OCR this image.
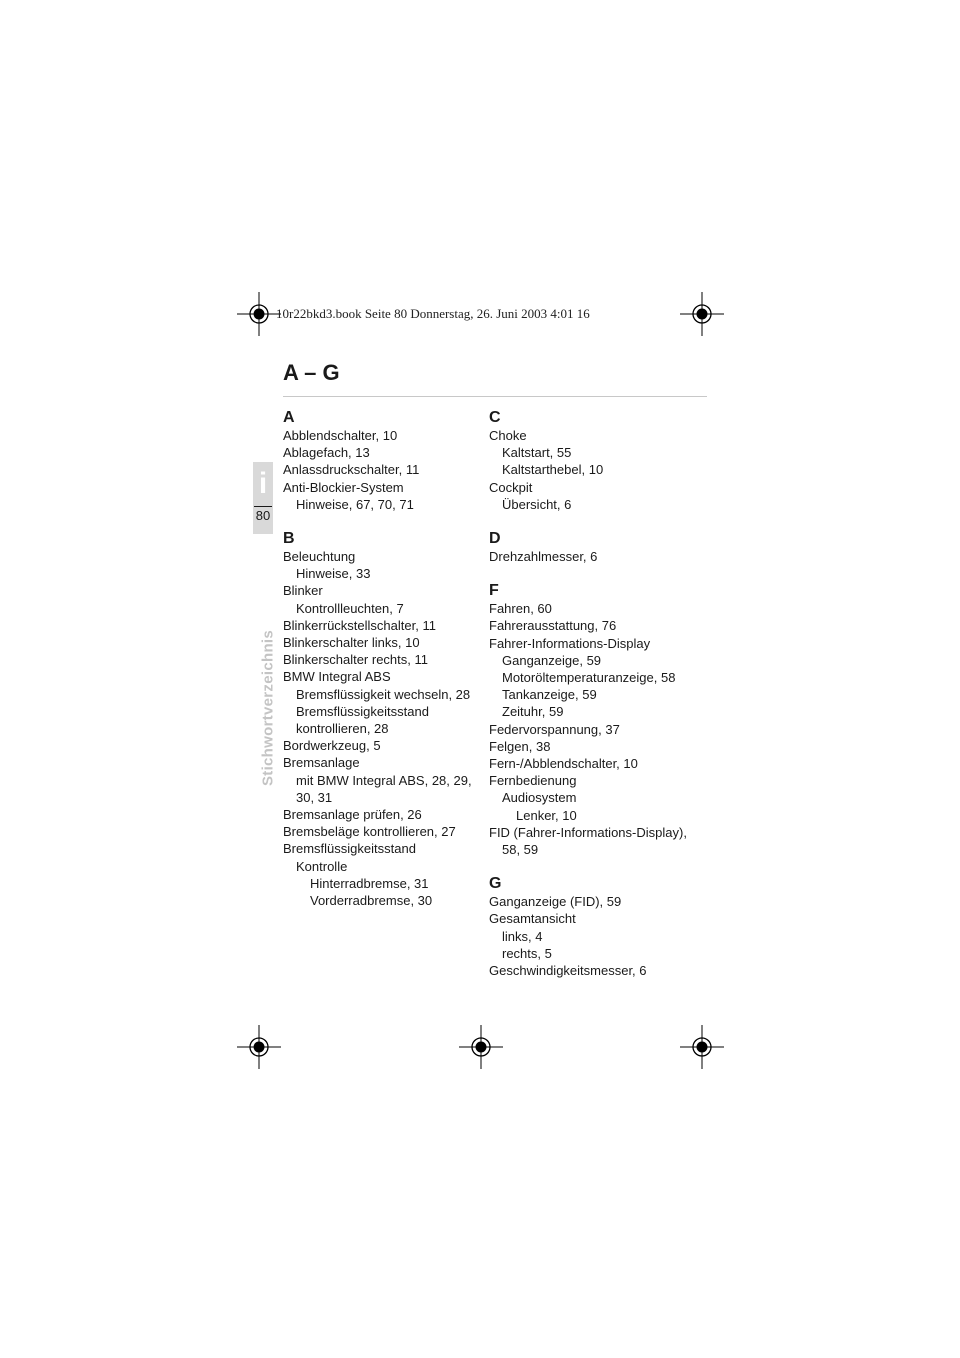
10r22bkd3.book Seite 80 Donnerstag, 26. Juni 2003 4:01 16
i
80
Stichwortverzeichnis
A – G
A
Abblendschalter, 10
Ablagefach, 13
Anlassdruckschalter, 11
Anti-Blockier-System
Hinweise, 67, 70, 71
B
Beleuchtung
Hinweise, 33
Blinker
Kontrollleuchten, 7
Blinkerrückstellschalter, 11
Blinkerschalter links, 10
Blinkerschalter rechts, 11
BMW Integral ABS
Bremsflüssigkeit wechseln, 28
Bremsflüssigkeitsstand
kontrollieren, 28
Bordwerkzeug, 5
Bremsanlage
mit BMW Integral ABS, 28, 29,
30, 31
Bremsanlage prüfen, 26
Bremsbeläge kontrollieren, 27
Bremsflüssigkeitsstand
Kontrolle
Hinterradbremse, 31
Vorderradbremse, 30
C
Choke
Kaltstart, 55
Kaltstarthebel, 10
Cockpit
Übersicht, 6
D
Drehzahlmesser, 6
F
Fahren, 60
Fahrerausstattung, 76
Fahrer-Informations-Display
Ganganzeige, 59
Motoröltemperaturanzeige, 58
Tankanzeige, 59
Zeituhr, 59
Federvorspannung, 37
Felgen, 38
Fern-/Abblendschalter, 10
Fernbedienung
Audiosystem
Lenker, 10
FID (Fahrer-Informations-Display),
58, 59
G
Ganganzeige (FID), 59
Gesamtansicht
links, 4
rechts, 5
Geschwindigkeitsmesser, 6
